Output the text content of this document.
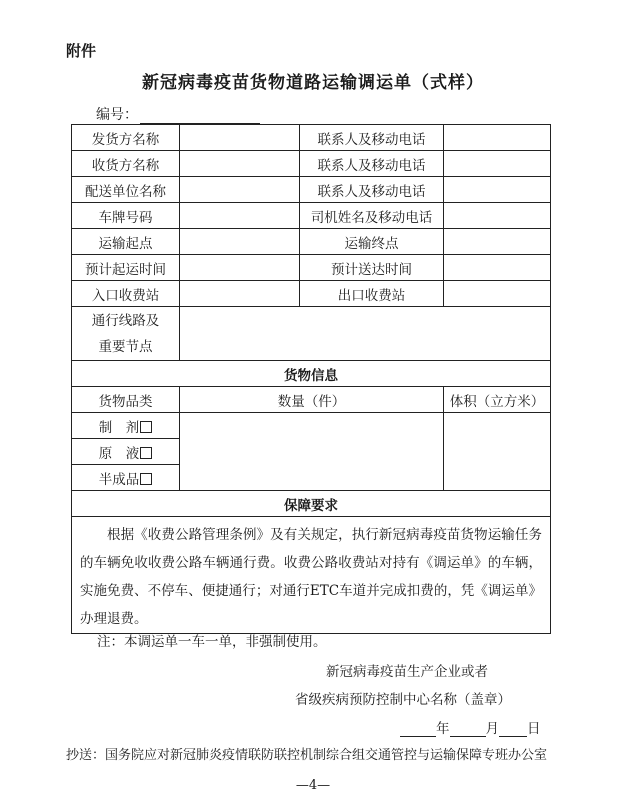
附件
新冠病毒疫苗货物道路运输调运单（式样）
编号：
发货方名称		联系人及移动电话	
收货方名称		联系人及移动电话	
配送单位名称		联系人及移动电话	
车牌号码		司机姓名及移动电话	
运输起点		运输终点	
预计起运时间		预计送达时间	
入口收费站		出口收费站	

通行线路及
重要节点			

货物信息			
货物品类	数量（件）		体积（立方米）
制　剂			
原　液			
半成品			
保障要求			
根据《收费公路管理条例》及有关规定，执行新冠病毒疫苗货物运输任务的车辆免收收费公路车辆通行费。收费公路收费站对持有《调运单》的车辆，实施免费、不停车、便捷通行；对通行ETC车道并完成扣费的，凭《调运单》办理退费。			
注：本调运单一车一单，非强制使用。
新冠病毒疫苗生产企业或者
省级疾病预防控制中心名称（盖章）
年	月 日
抄送：国务院应对新冠肺炎疫情联防联控机制综合组交通管控与运输保障专班办公室
—4—
